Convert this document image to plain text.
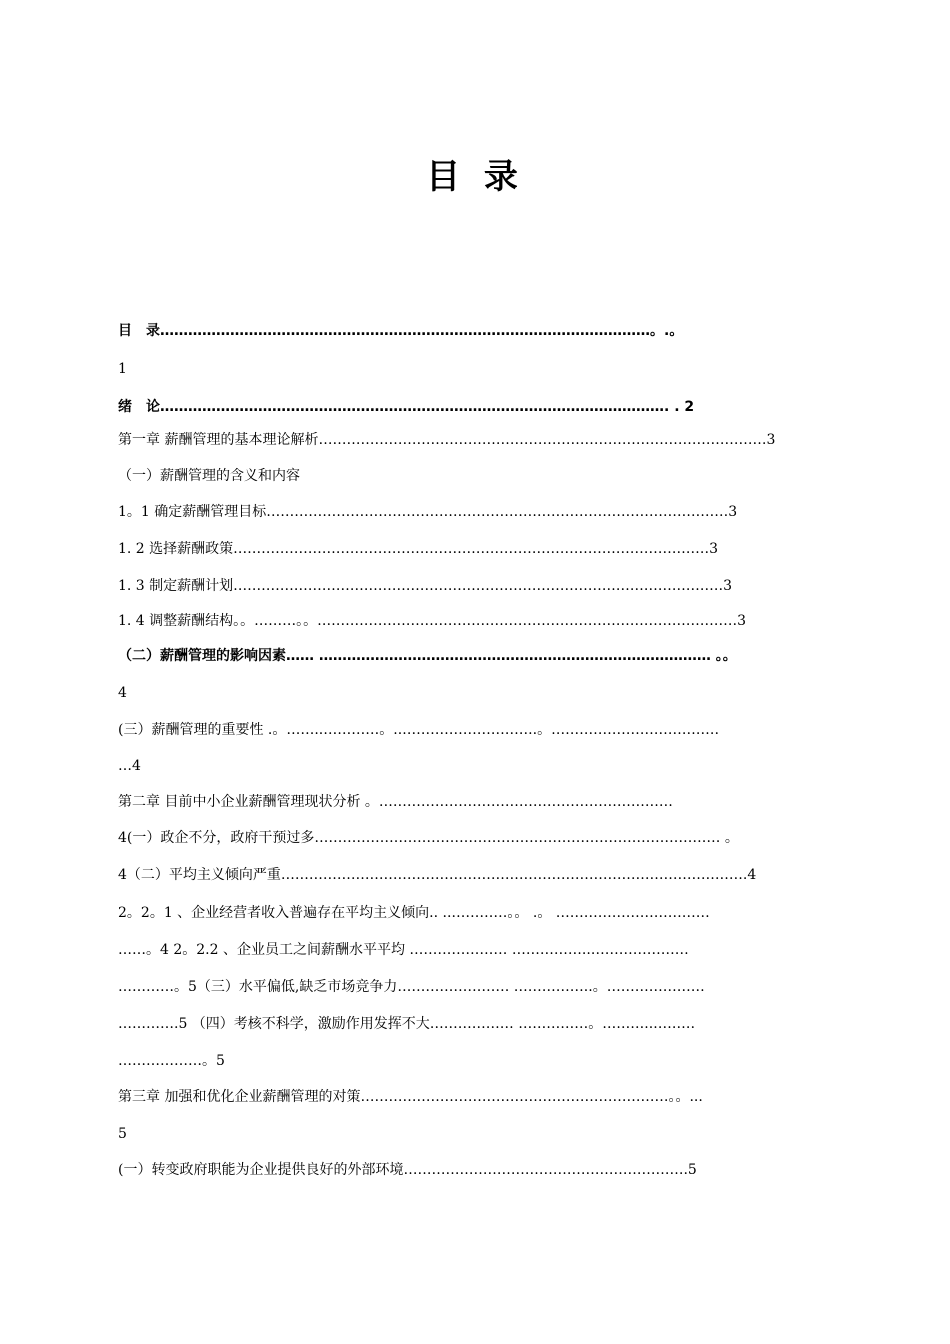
目 录
目　录……………………………………………………………………………………………。.。
1
绪　论………………………………………………………………………………………………. . 2
第一章 薪酬管理的基本理论解析……………………………………………………………………………………3
（一）薪酬管理的含义和内容
1。1 确定薪酬管理目标………………………………………………………………………………………3
1. 2 选择薪酬政策…………………………………………………………………………………………3
1. 3 制定薪酬计划……………………………………………………………………………………………3
1. 4 调整薪酬结构。。………。。………………………………………………………………………………3
（二）薪酬管理的影响因素…… ………………………………………………………………………… 。。
4
(三）薪酬管理的重要性 .。……..…………。..………………………..。………………………………
…4
第二章 目前中小企业薪酬管理现状分析 。………………………………………………………
4(一）政企不分，政府干预过多…………………………………………………………………………… 。
4（二）平均主义倾向严重……………………………………………………………………………………….4
2。2。1 、企业经营者收入普遍存在平均主义倾向.. ..…………。。 .。 ……………………………
……。4 2。2.2 、企业员工之间薪酬水平平均 ………………… ……………..…………………
…………。5（三）水平偏低,缺乏市场竞争力…………………… ……………..。…………………
………….5 （四）考核不科学，激励作用发挥不大……………… ……………。………..………
………………。5
第三章 加强和优化企业薪酬管理的对策…………………………………………………………。。...
5
(一）转变政府职能为企业提供良好的外部环境…………………………………………………….5
